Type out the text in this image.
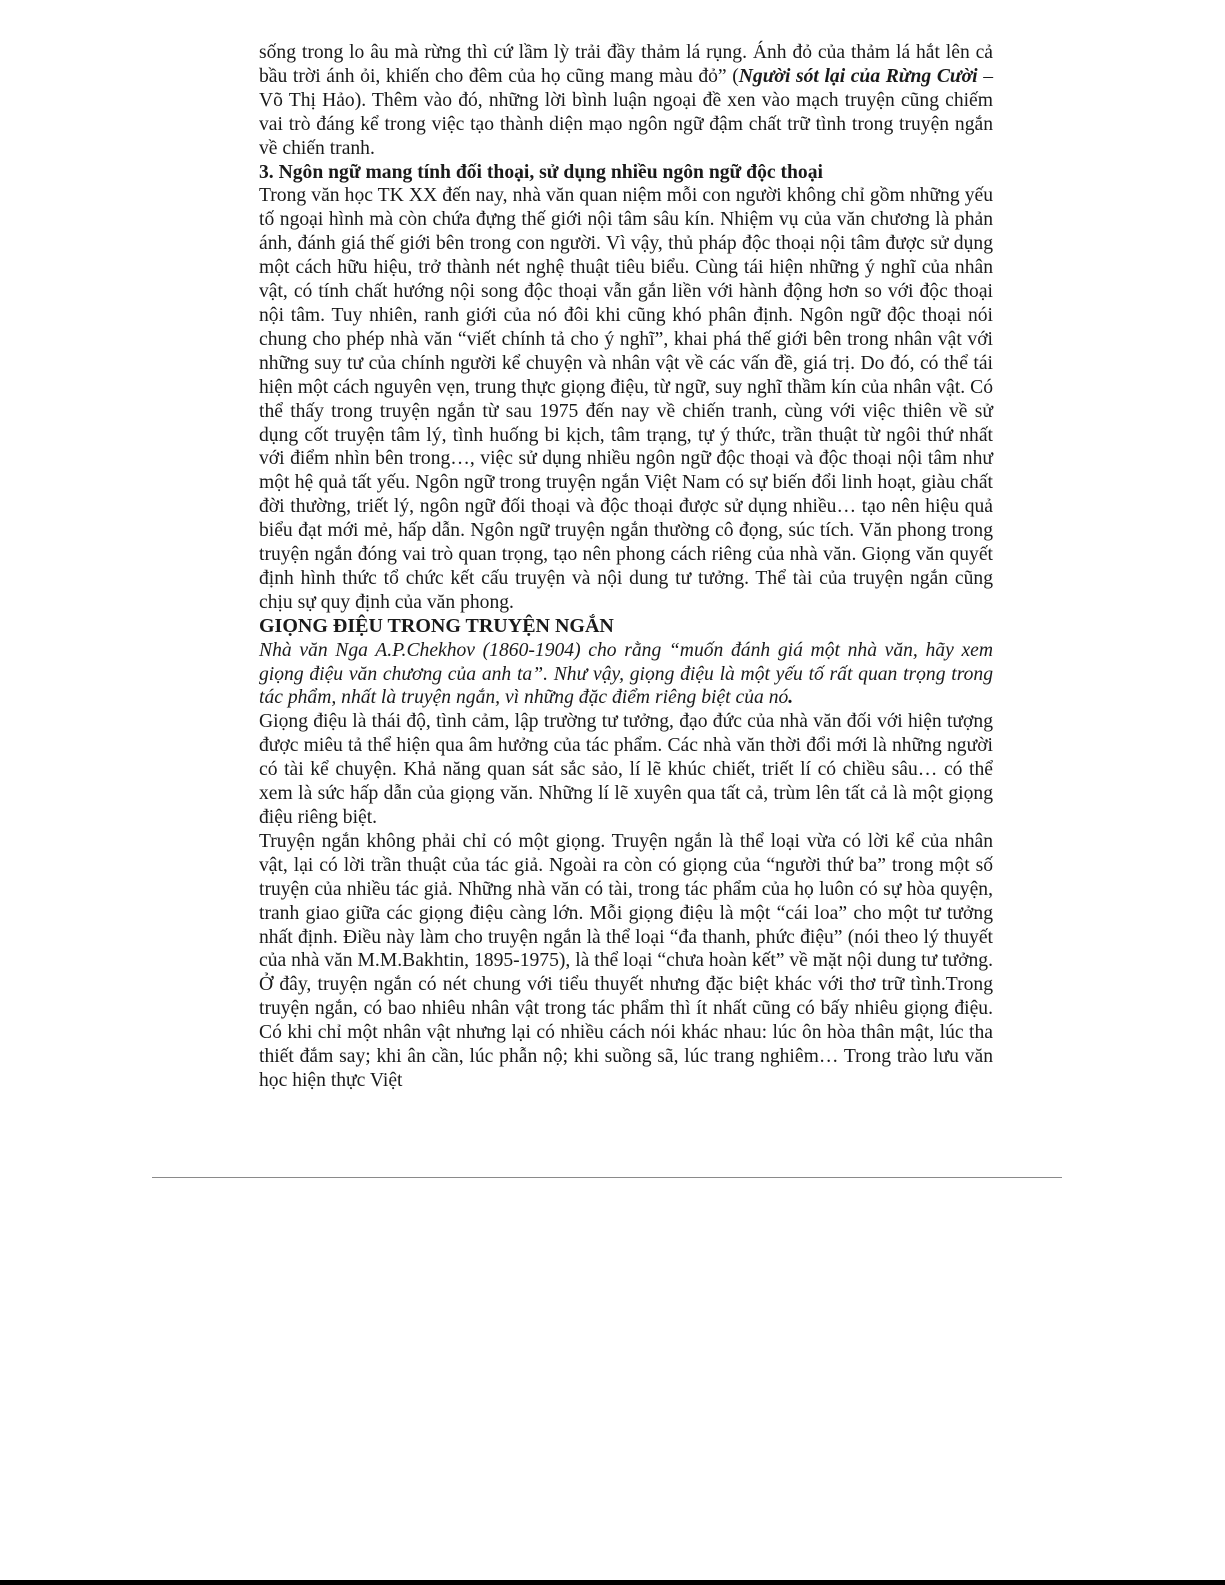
sống trong lo âu mà rừng thì cứ lầm lỳ trải đầy thảm lá rụng. Ánh đỏ của thảm lá hắt lên cả bầu trời ánh ỏi, khiến cho đêm của họ cũng mang màu đỏ” (Người sót lại của Rừng Cười – Võ Thị Hảo). Thêm vào đó, những lời bình luận ngoại đề xen vào mạch truyện cũng chiếm vai trò đáng kể trong việc tạo thành diện mạo ngôn ngữ đậm chất trữ tình trong truyện ngắn về chiến tranh.

3. Ngôn ngữ mang tính đối thoại, sử dụng nhiều ngôn ngữ độc thoại

Trong văn học TK XX đến nay, nhà văn quan niệm mỗi con người không chỉ gồm những yếu tố ngoại hình mà còn chứa đựng thế giới nội tâm sâu kín. Nhiệm vụ của văn chương là phản ánh, đánh giá thế giới bên trong con người. Vì vậy, thủ pháp độc thoại nội tâm được sử dụng một cách hữu hiệu, trở thành nét nghệ thuật tiêu biểu. Cùng tái hiện những ý nghĩ của nhân vật, có tính chất hướng nội song độc thoại vẫn gắn liền với hành động hơn so với độc thoại nội tâm. Tuy nhiên, ranh giới của nó đôi khi cũng khó phân định. Ngôn ngữ độc thoại nói chung cho phép nhà văn “viết chính tả cho ý nghĩ”, khai phá thế giới bên trong nhân vật với những suy tư của chính người kể chuyện và nhân vật về các vấn đề, giá trị. Do đó, có thể tái hiện một cách nguyên vẹn, trung thực giọng điệu, từ ngữ, suy nghĩ thầm kín của nhân vật. Có thể thấy trong truyện ngắn từ sau 1975 đến nay về chiến tranh, cùng với việc thiên về sử dụng cốt truyện tâm lý, tình huống bi kịch, tâm trạng, tự ý thức, trần thuật từ ngôi thứ nhất với điểm nhìn bên trong…, việc sử dụng nhiều ngôn ngữ độc thoại và độc thoại nội tâm như một hệ quả tất yếu. Ngôn ngữ trong truyện ngắn Việt Nam có sự biến đổi linh hoạt, giàu chất đời thường, triết lý, ngôn ngữ đối thoại và độc thoại được sử dụng nhiều… tạo nên hiệu quả biểu đạt mới mẻ, hấp dẫn. Ngôn ngữ truyện ngắn thường cô đọng, súc tích. Văn phong trong truyện ngắn đóng vai trò quan trọng, tạo nên phong cách riêng của nhà văn. Giọng văn quyết định hình thức tổ chức kết cấu truyện và nội dung tư tưởng. Thể tài của truyện ngắn cũng chịu sự quy định của văn phong.

GIỌNG ĐIỆU TRONG TRUYỆN NGẮN

Nhà văn Nga A.P.Chekhov (1860-1904) cho rằng “muốn đánh giá một nhà văn, hãy xem giọng điệu văn chương của anh ta”. Như vậy, giọng điệu là một yếu tố rất quan trọng trong tác phẩm, nhất là truyện ngắn, vì những đặc điểm riêng biệt của nó.

Giọng điệu là thái độ, tình cảm, lập trường tư tưởng, đạo đức của nhà văn đối với hiện tượng được miêu tả thể hiện qua âm hưởng của tác phẩm. Các nhà văn thời đổi mới là những người có tài kể chuyện. Khả năng quan sát sắc sảo, lí lẽ khúc chiết, triết lí có chiều sâu… có thể xem là sức hấp dẫn của giọng văn. Những lí lẽ xuyên qua tất cả, trùm lên tất cả là một giọng điệu riêng biệt.

Truyện ngắn không phải chỉ có một giọng. Truyện ngắn là thể loại vừa có lời kể của nhân vật, lại có lời trần thuật của tác giả. Ngoài ra còn có giọng của “người thứ ba” trong một số truyện của nhiều tác giả. Những nhà văn có tài, trong tác phẩm của họ luôn có sự hòa quyện, tranh giao giữa các giọng điệu càng lớn. Mỗi giọng điệu là một “cái loa” cho một tư tưởng nhất định. Điều này làm cho truyện ngắn là thể loại “đa thanh, phức điệu” (nói theo lý thuyết của nhà văn M.M.Bakhtin, 1895-1975), là thể loại “chưa hoàn kết” về mặt nội dung tư tưởng. Ở đây, truyện ngắn có nét chung với tiểu thuyết nhưng đặc biệt khác với thơ trữ tình.Trong truyện ngắn, có bao nhiêu nhân vật trong tác phẩm thì ít nhất cũng có bấy nhiêu giọng điệu. Có khi chỉ một nhân vật nhưng lại có nhiều cách nói khác nhau: lúc ôn hòa thân mật, lúc tha thiết đắm say; khi ân cần, lúc phẫn nộ; khi suồng sã, lúc trang nghiêm… Trong trào lưu văn học hiện thực Việt
